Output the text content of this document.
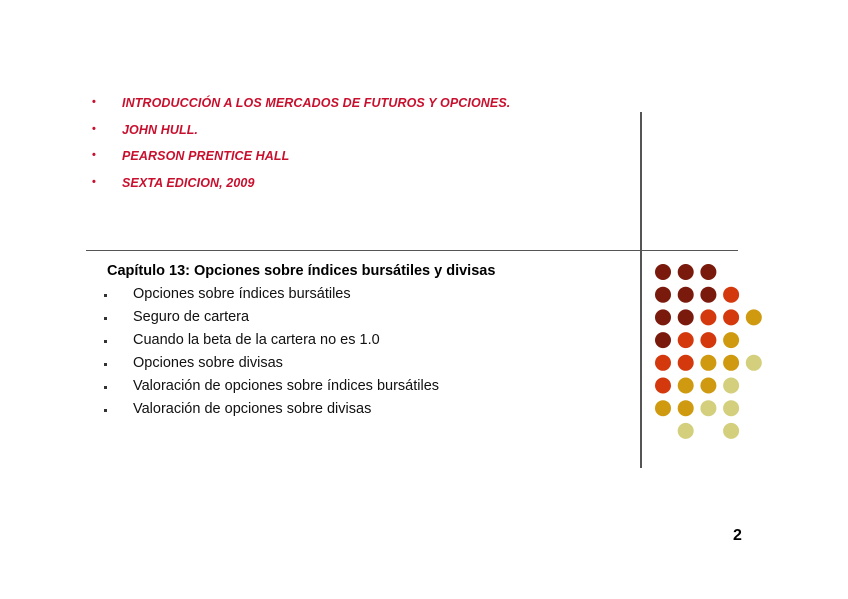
• INTRODUCCIÓN A LOS MERCADOS DE FUTUROS Y OPCIONES.
• JOHN HULL.
• PEARSON PRENTICE HALL
• SEXTA EDICION, 2009
Capítulo 13: Opciones sobre índices bursátiles y divisas
Opciones sobre índices bursátiles
Seguro de cartera
Cuando la beta de la cartera no es 1.0
Opciones sobre divisas
Valoración de opciones sobre índices bursátiles
Valoración de opciones sobre divisas
2
